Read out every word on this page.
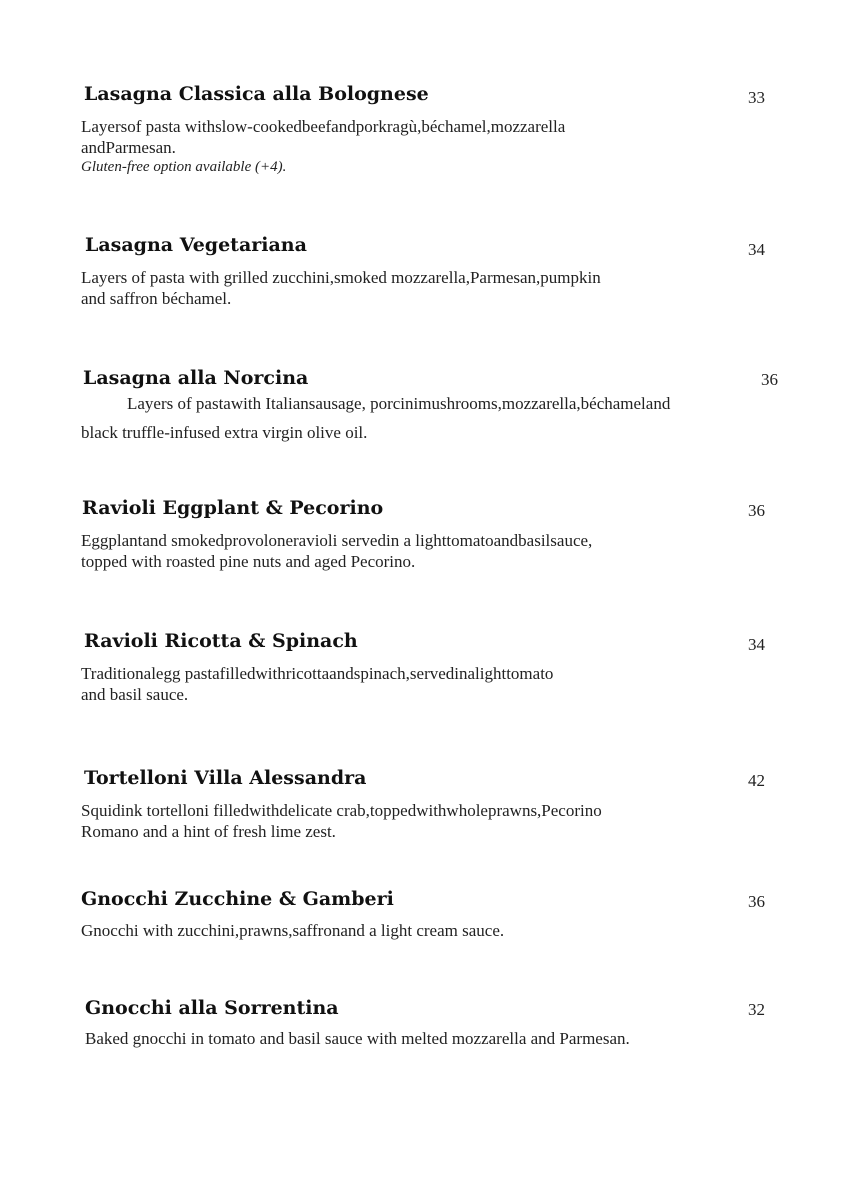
Lasagna Classica alla Bolognese	33
Layersof pasta withslow-cookedbeefandporkragù,béchamel,mozzarella
andParmesan.
Gluten-free option available (+4).
Lasagna Vegetariana	34
Layers of pasta with grilled zucchini,smoked mozzarella,Parmesan,pumpkin
and saffron béchamel.
Lasagna alla Norcina	36
Layers of pastawith Italiansausage, porcinimushrooms,mozzarella,béchameland
black truffle-infused extra virgin olive oil.
Ravioli Eggplant & Pecorino	36
Eggplantand smokedprovoloneravioli servedin a lighttomatoandbasilsauce,
topped with roasted pine nuts and aged Pecorino.
Ravioli Ricotta & Spinach	34
Traditionalegg pastafilledwithricottaandspinach,servedinalighttomato
and basil sauce.
Tortelloni Villa Alessandra	42
Squidink tortelloni filledwithdelicate crab,toppedwithwholeprawns,Pecorino
Romano and a hint of fresh lime zest.
Gnocchi Zucchine & Gamberi	36
Gnocchi with zucchini,prawns,saffronand a light cream sauce.
Gnocchi alla Sorrentina	32
Baked gnocchi in tomato and basil sauce with melted mozzarella and Parmesan.
